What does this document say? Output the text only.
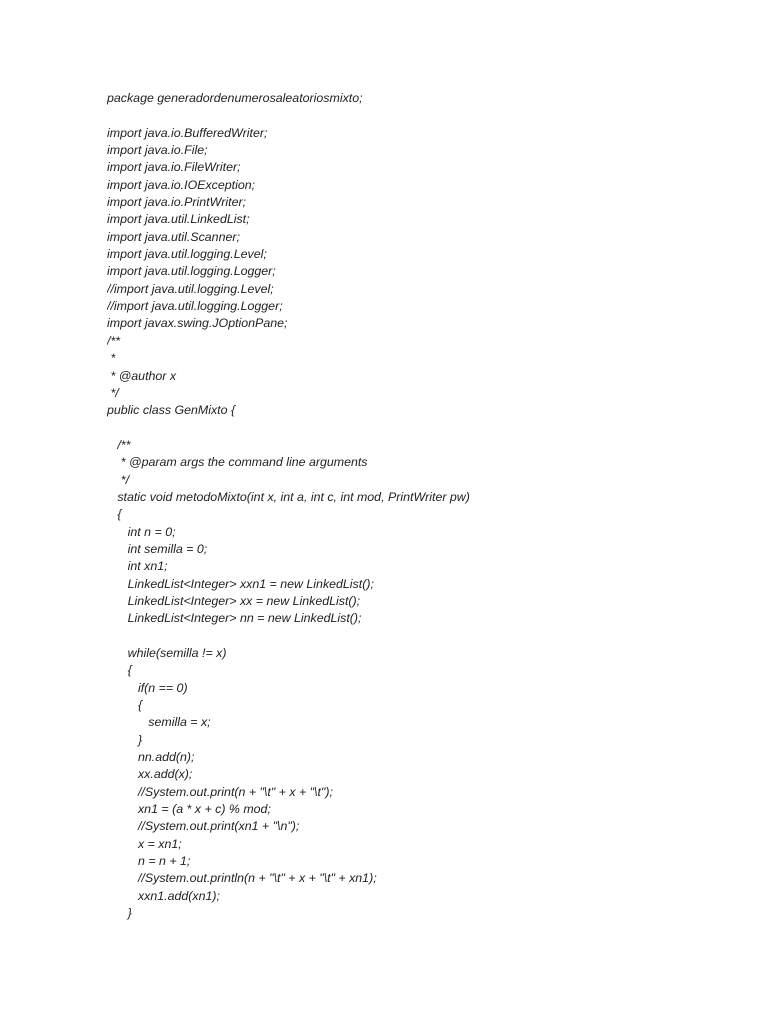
package generadordenumerosaleatoriosmixto;
import java.io.BufferedWriter;
import java.io.File;
import java.io.FileWriter;
import java.io.IOException;
import java.io.PrintWriter;
import java.util.LinkedList;
import java.util.Scanner;
import java.util.logging.Level;
import java.util.logging.Logger;
//import java.util.logging.Level;
//import java.util.logging.Logger;
import javax.swing.JOptionPane;
/**
*
* @author x
*/
public class GenMixto {
/**
* @param args the command line arguments
*/
static void metodoMixto(int x, int a, int c, int mod, PrintWriter pw)
{
int n = 0;
int semilla = 0;
int xn1;
LinkedList<Integer> xxn1 = new LinkedList();
LinkedList<Integer> xx = new LinkedList();
LinkedList<Integer> nn = new LinkedList();
while(semilla != x)
{
if(n == 0)
{
semilla = x;
}
nn.add(n);
xx.add(x);
//System.out.print(n + "\t" + x + "\t");
xn1 = (a * x + c) % mod;
//System.out.print(xn1 + "\n");
x = xn1;
n = n + 1;
//System.out.println(n + "\t" + x + "\t" + xn1);
xxn1.add(xn1);
}
